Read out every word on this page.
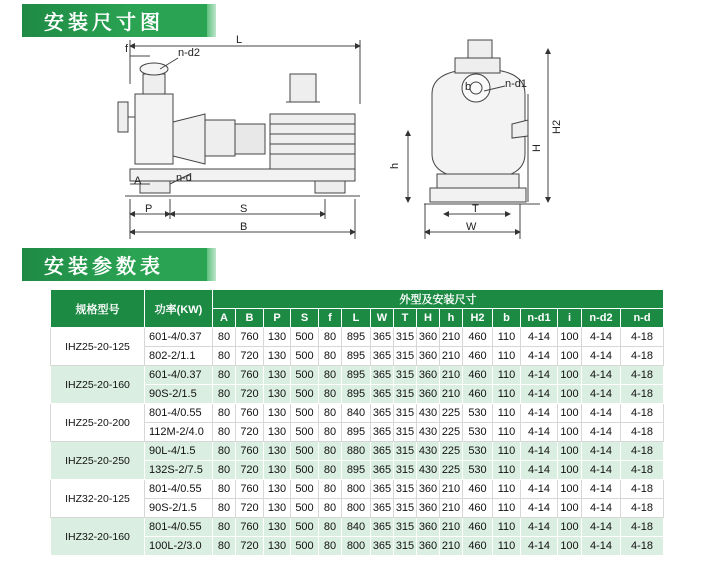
安装尺寸图
L
f	n-d2
A	n-d
P	S
B
b	n-d1
H2
H
h
T
W
安装参数表
规格型号	功率(KW)	外型及安装尺寸															
		A	B	P	S	f	L	W	T	H	h	H2	b	n-d1	i	n-d2	n-d
IHZ25-20-125	601-4/0.37	80	760	130	500	80	895	365	315	360	210	460	110	4-14	100	4-14	4-18
	802-2/1.1	80	720	130	500	80	895	365	315	360	210	460	110	4-14	100	4-14	4-18
IHZ25-20-160	601-4/0.37	80	760	130	500	80	895	365	315	360	210	460	110	4-14	100	4-14	4-18
	90S-2/1.5	80	720	130	500	80	895	365	315	360	210	460	110	4-14	100	4-14	4-18
IHZ25-20-200	801-4/0.55	80	760	130	500	80	840	365	315	430	225	530	110	4-14	100	4-14	4-18
	112M-2/4.0	80	720	130	500	80	895	365	315	430	225	530	110	4-14	100	4-14	4-18
IHZ25-20-250	90L-4/1.5	80	760	130	500	80	880	365	315	430	225	530	110	4-14	100	4-14	4-18
	132S-2/7.5	80	720	130	500	80	895	365	315	430	225	530	110	4-14	100	4-14	4-18
IHZ32-20-125	801-4/0.55	80	760	130	500	80	800	365	315	360	210	460	110	4-14	100	4-14	4-18
	90S-2/1.5	80	720	130	500	80	800	365	315	360	210	460	110	4-14	100	4-14	4-18
IHZ32-20-160	801-4/0.55	80	760	130	500	80	840	365	315	360	210	460	110	4-14	100	4-14	4-18
	100L-2/3.0	80	720	130	500	80	800	365	315	360	210	460	110	4-14	100	4-14	4-18
